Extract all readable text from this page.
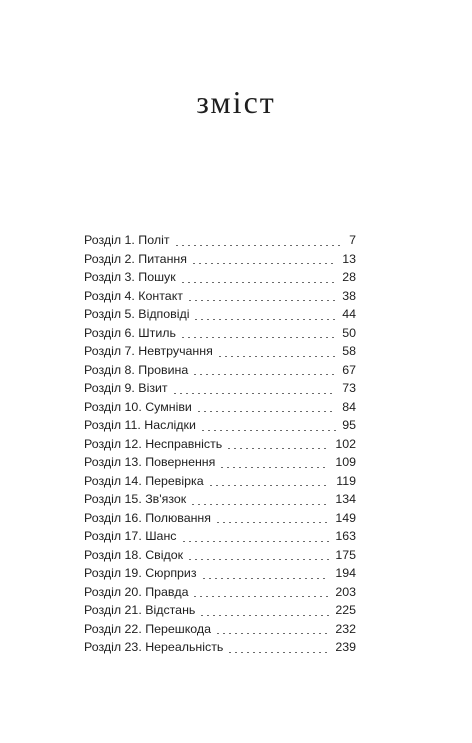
зміст
Розділ 1. Політ	7
Розділ 2. Питання	13
Розділ 3. Пошук	28
Розділ 4. Контакт	38
Розділ 5. Відповіді	44
Розділ 6. Штиль	50
Розділ 7. Невтручання	58
Розділ 8. Провина	67
Розділ 9. Візит	73
Розділ 10. Сумніви	84
Розділ 11. Наслідки	95
Розділ 12. Несправність	102
Розділ 13. Повернення	109
Розділ 14. Перевірка	119
Розділ 15. Зв'язок	134
Розділ 16. Полювання	149
Розділ 17. Шанс	163
Розділ 18. Свідок	175
Розділ 19. Сюрприз	194
Розділ 20. Правда	203
Розділ 21. Відстань	225
Розділ 22. Перешкода	232
Розділ 23. Нереальність	239
